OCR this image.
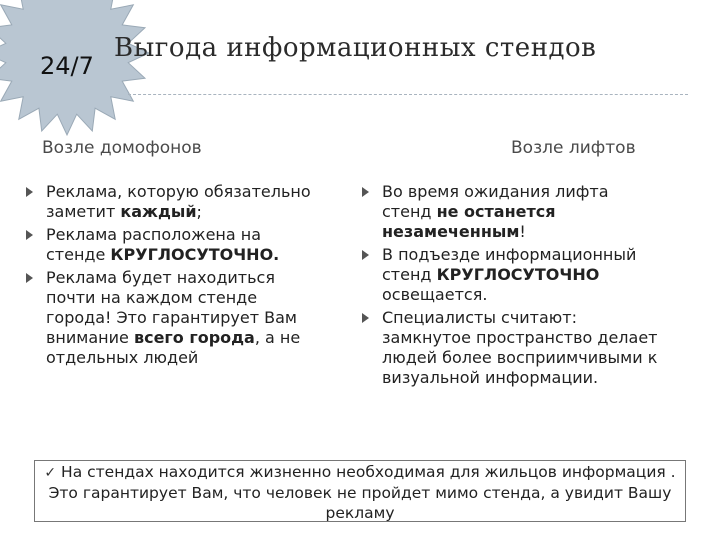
24/7
Выгода информационных стендов
Возле домофонов	Возле лифтов
Реклама, которую обязательно заметит каждый;
Реклама расположена на стенде КРУГЛОСУТОЧНО.
Реклама будет находиться почти на каждом стенде города! Это гарантирует Вам внимание всего города, а не отдельных людей
Во время ожидания лифта стенд не останется незамеченным!
В подъезде информационный стенд КРУГЛОСУТОЧНО освещается.
Специалисты считают: замкнутое пространство делает людей более восприимчивыми к визуальной информации.
✓ На стендах находится жизненно необходимая для жильцов информация . Это гарантирует Вам, что человек не пройдет мимо стенда, а увидит Вашу рекламу
